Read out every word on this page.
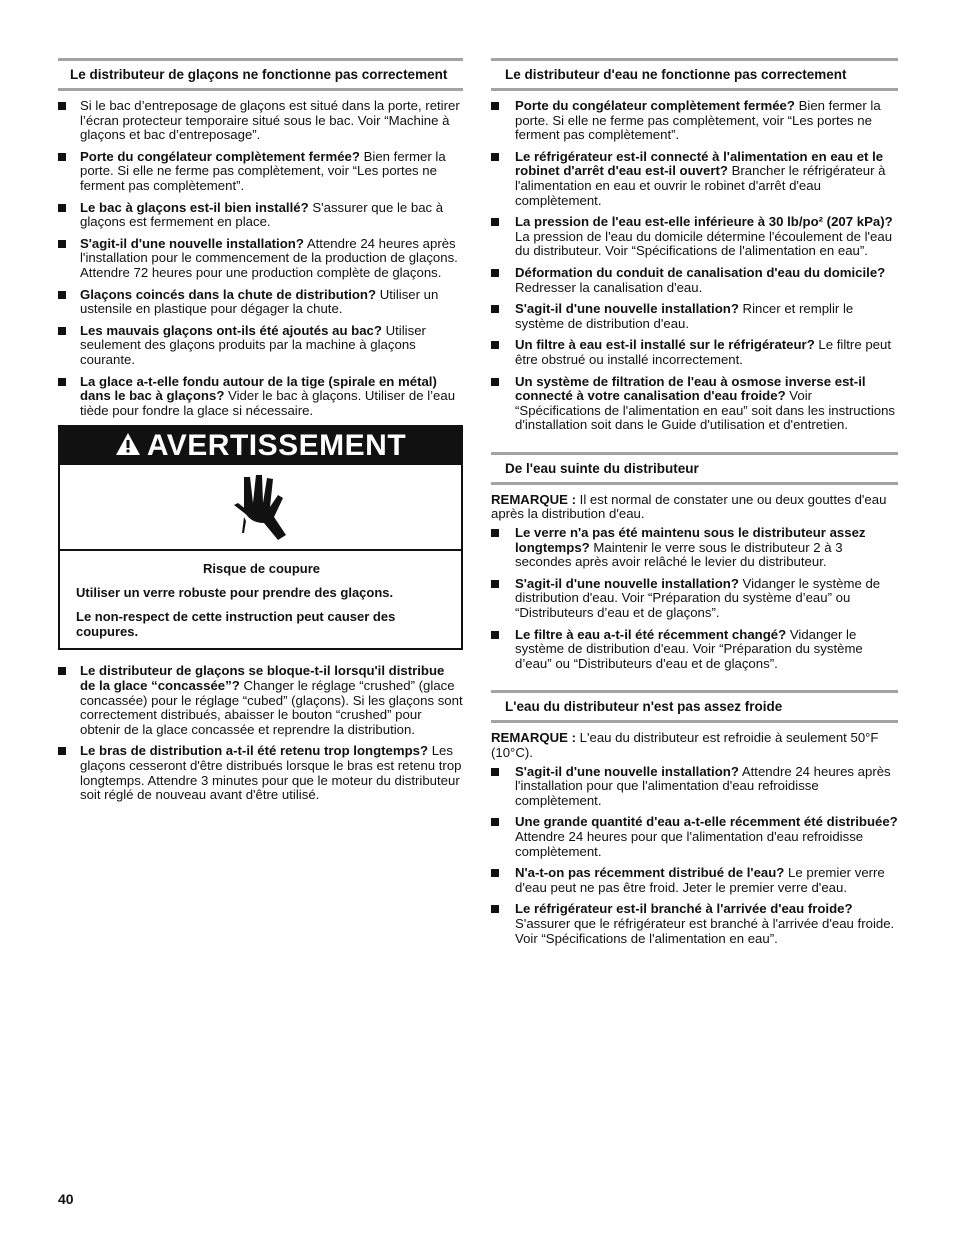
Le distributeur de glaçons ne fonctionne pas correctement
Si le bac d’entreposage de glaçons est situé dans la porte, retirer l’écran protecteur temporaire situé sous le bac. Voir “Machine à glaçons et bac d’entreposage”.
Porte du congélateur complètement fermée? Bien fermer la porte. Si elle ne ferme pas complètement, voir “Les portes ne ferment pas complètement”.
Le bac à glaçons est-il bien installé? S'assurer que le bac à glaçons est fermement en place.
S'agit-il d'une nouvelle installation? Attendre 24 heures après l'installation pour le commencement de la production de glaçons. Attendre 72 heures pour une production complète de glaçons.
Glaçons coincés dans la chute de distribution? Utiliser un ustensile en plastique pour dégager la chute.
Les mauvais glaçons ont-ils été ajoutés au bac? Utiliser seulement des glaçons produits par la machine à glaçons courante.
La glace a-t-elle fondu autour de la tige (spirale en métal) dans le bac à glaçons? Vider le bac à glaçons. Utiliser de l’eau tiède pour fondre la glace si nécessaire.
AVERTISSEMENT
Risque de coupure

Utiliser un verre robuste pour prendre des glaçons.

Le non-respect de cette instruction peut causer des coupures.

Le distributeur de glaçons se bloque-t-il lorsqu'il distribue de la glace “concassée”? Changer le réglage “crushed” (glace concassée) pour le réglage “cubed” (glaçons). Si les glaçons sont correctement distribués, abaisser le bouton “crushed” pour obtenir de la glace concassée et reprendre la distribution.
Le bras de distribution a-t-il été retenu trop longtemps? Les glaçons cesseront d'être distribués lorsque le bras est retenu trop longtemps. Attendre 3 minutes pour que le moteur du distributeur soit réglé de nouveau avant d'être utilisé.
Le distributeur d'eau ne fonctionne pas correctement
Porte du congélateur complètement fermée? Bien fermer la porte. Si elle ne ferme pas complètement, voir “Les portes ne ferment pas complètement”.
Le réfrigérateur est-il connecté à l'alimentation en eau et le robinet d'arrêt d'eau est-il ouvert? Brancher le réfrigérateur à l'alimentation en eau et ouvrir le robinet d'arrêt d'eau complètement.
La pression de l'eau est-elle inférieure à 30 lb/po² (207 kPa)? La pression de l'eau du domicile détermine l'écoulement de l'eau du distributeur. Voir “Spécifications de l'alimentation en eau”.
Déformation du conduit de canalisation d'eau du domicile? Redresser la canalisation d'eau.
S'agit-il d'une nouvelle installation? Rincer et remplir le système de distribution d'eau.
Un filtre à eau est-il installé sur le réfrigérateur? Le filtre peut être obstrué ou installé incorrectement.
Un système de filtration de l'eau à osmose inverse est-il connecté à votre canalisation d'eau froide? Voir “Spécifications de l'alimentation en eau” soit dans les instructions d'installation soit dans le Guide d'utilisation et d'entretien.
De l'eau suinte du distributeur

REMARQUE : Il est normal de constater une ou deux gouttes d'eau après la distribution d'eau.

Le verre n'a pas été maintenu sous le distributeur assez longtemps? Maintenir le verre sous le distributeur 2 à 3 secondes après avoir relâché le levier du distributeur.
S'agit-il d'une nouvelle installation? Vidanger le système de distribution d'eau. Voir “Préparation du système d’eau” ou “Distributeurs d’eau et de glaçons”.
Le filtre à eau a-t-il été récemment changé? Vidanger le système de distribution d'eau. Voir “Préparation du système d’eau” ou “Distributeurs d'eau et de glaçons”.
L'eau du distributeur n'est pas assez froide

REMARQUE : L'eau du distributeur est refroidie à seulement 50°F (10°C).

S'agit-il d'une nouvelle installation? Attendre 24 heures après l'installation pour que l'alimentation d'eau refroidisse complètement.
Une grande quantité d'eau a-t-elle récemment été distribuée? Attendre 24 heures pour que l'alimentation d'eau refroidisse complètement.
N'a-t-on pas récemment distribué de l'eau? Le premier verre d'eau peut ne pas être froid. Jeter le premier verre d'eau.
Le réfrigérateur est-il branché à l'arrivée d'eau froide? S'assurer que le réfrigérateur est branché à l'arrivée d'eau froide. Voir “Spécifications de l'alimentation en eau”.
40
